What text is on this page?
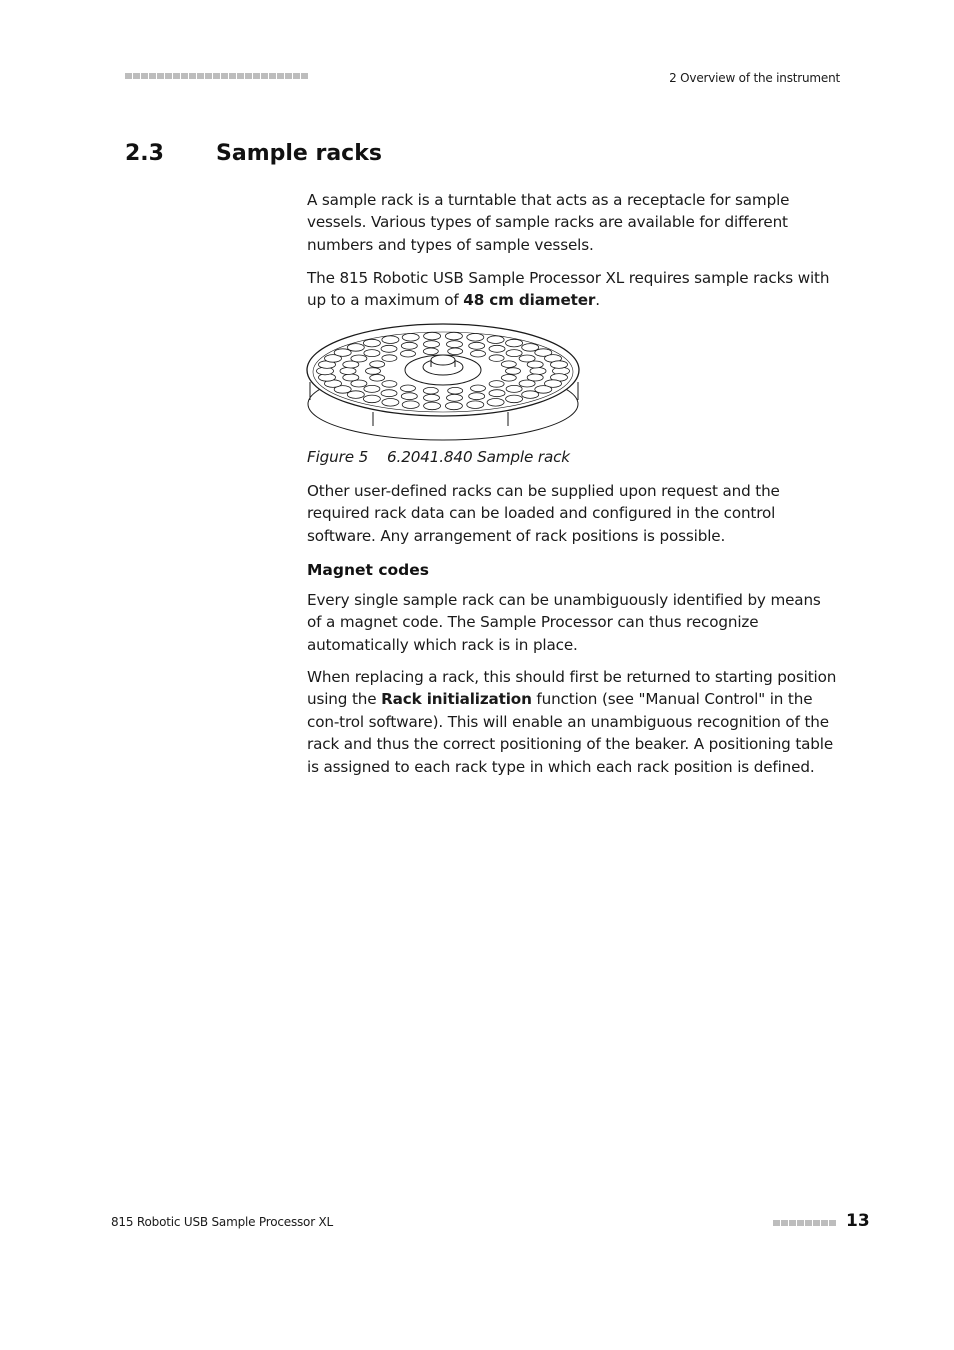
2 Overview of the instrument
2.3 Sample racks

A sample rack is a turntable that acts as a receptacle for sample vessels. Various types of sample racks are available for different numbers and types of sample vessels.

The 815 Robotic USB Sample Processor XL requires sample racks with up to a maximum of 48 cm diameter.

Figure 5 6.2041.840 Sample rack

Other user-defined racks can be supplied upon request and the required rack data can be loaded and configured in the control software. Any arrangement of rack positions is possible.

Magnet codes

Every single sample rack can be unambiguously identified by means of a magnet code. The Sample Processor can thus recognize automatically which rack is in place.

When replacing a rack, this should first be returned to starting position using the Rack initialization function (see "Manual Control" in the con-trol software). This will enable an unambiguous recognition of the rack and thus the correct positioning of the beaker. A positioning table is assigned to each rack type in which each rack position is defined.

815 Robotic USB Sample Processor XL	13
